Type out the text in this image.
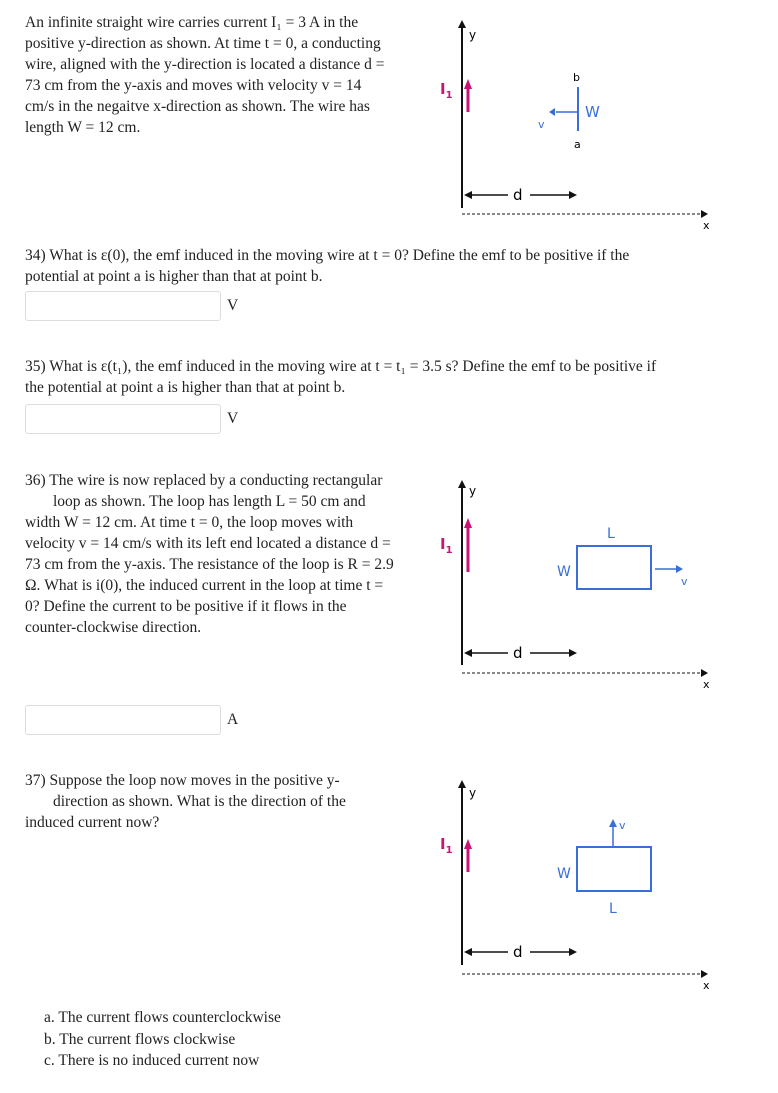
An infinite straight wire carries current I₁ = 3 A in the
positive y-direction as shown. At time t = 0, a conducting
wire, aligned with the y-direction is located a distance d =
73 cm from the y-axis and moves with velocity v = 14
cm/s in the negaitve x-direction as shown. The wire has
length W = 12 cm.
y
$I_1$
v
b
a
W
d
x
34) What is ε(0), the emf induced in the moving wire at t = 0? Define the emf to be positive if the
potential at point a is higher than that at point b.
V
35) What is ε(t₁), the emf induced in the moving wire at t = t₁ = 3.5 s? Define the emf to be positive if
the potential at point a is higher than that at point b.
V
36) The wire is now replaced by a conducting rectangular
loop as shown. The loop has length L = 50 cm and
width W = 12 cm. At time t = 0, the loop moves with
velocity v = 14 cm/s with its left end located a distance d =
73 cm from the y-axis. The resistance of the loop is R = 2.9
Ω. What is i(0), the induced current in the loop at time t =
0? Define the current to be positive if it flows in the
counter-clockwise direction.
y
$I_1$
L
W
v
d
x
A
37) Suppose the loop now moves in the positive y-
direction as shown. What is the direction of the
induced current now?
y
$I_1$
v
W
L
d
x
a. The current flows counterclockwise
b. The current flows clockwise
c. There is no induced current now
